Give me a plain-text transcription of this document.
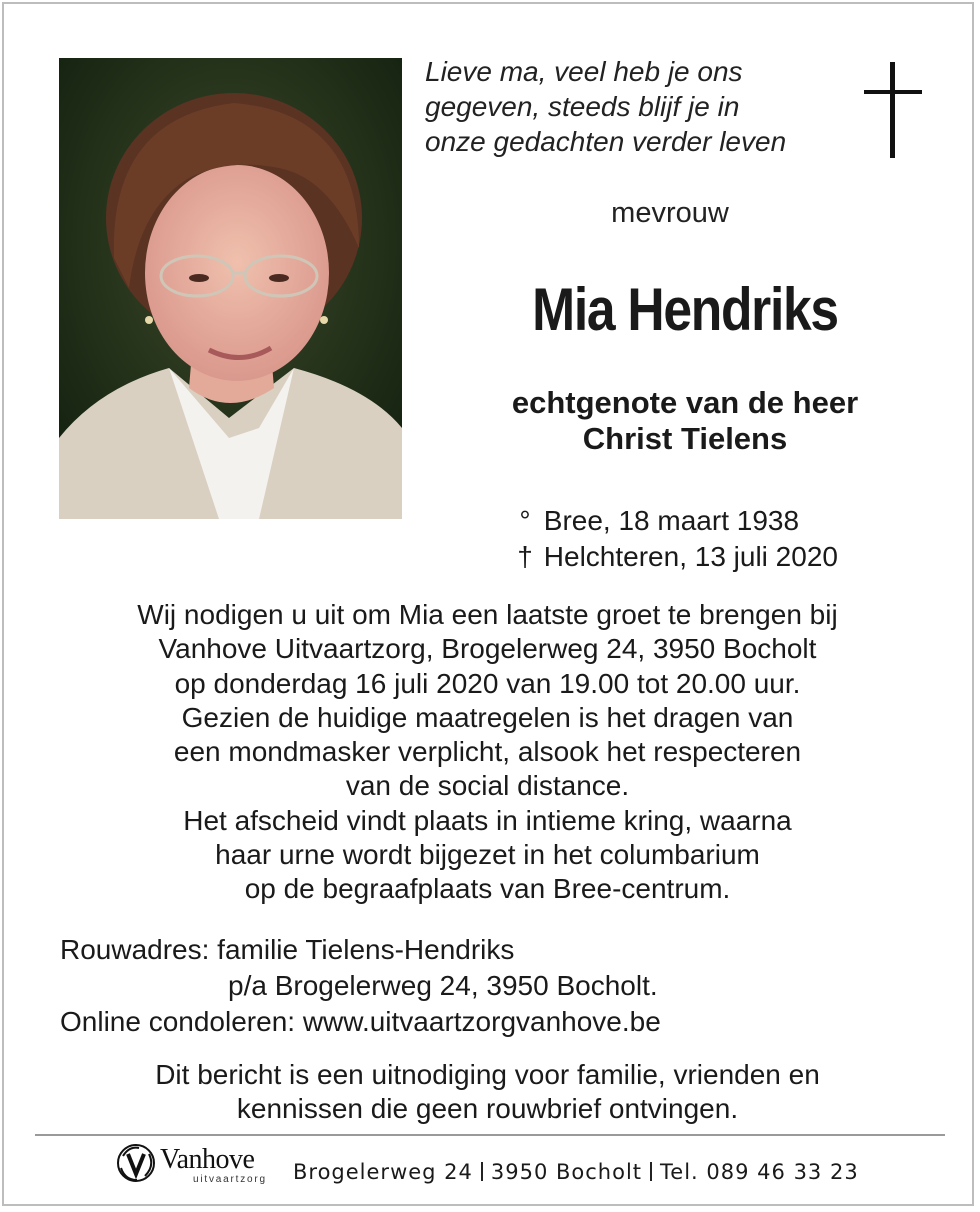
Lieve ma, veel heb je ons
gegeven, steeds blijf je in
onze gedachten verder leven
mevrouw
Mia Hendriks
echtgenote van de heer
Christ Tielens
° Bree, 18 maart 1938
† Helchteren, 13 juli 2020
Wij nodigen u uit om Mia een laatste groet te brengen bij
Vanhove Uitvaartzorg, Brogelerweg 24, 3950 Bocholt
op donderdag 16 juli 2020 van 19.00 tot 20.00 uur.
Gezien de huidige maatregelen is het dragen van
een mondmasker verplicht, alsook het respecteren
van de social distance.
Het afscheid vindt plaats in intieme kring, waarna
haar urne wordt bijgezet in het columbarium
op de begraafplaats van Bree-centrum.
Rouwadres: familie Tielens-Hendriks
p/a Brogelerweg 24, 3950 Bocholt.
Online condoleren: www.uitvaartzorgvanhove.be
Dit bericht is een uitnodiging voor familie, vrienden en
kennissen die geen rouwbrief ontvingen.
Vanhove
uitvaartzorg Brogelerweg 24 3950 Bocholt Tel. 089 46 33 23
